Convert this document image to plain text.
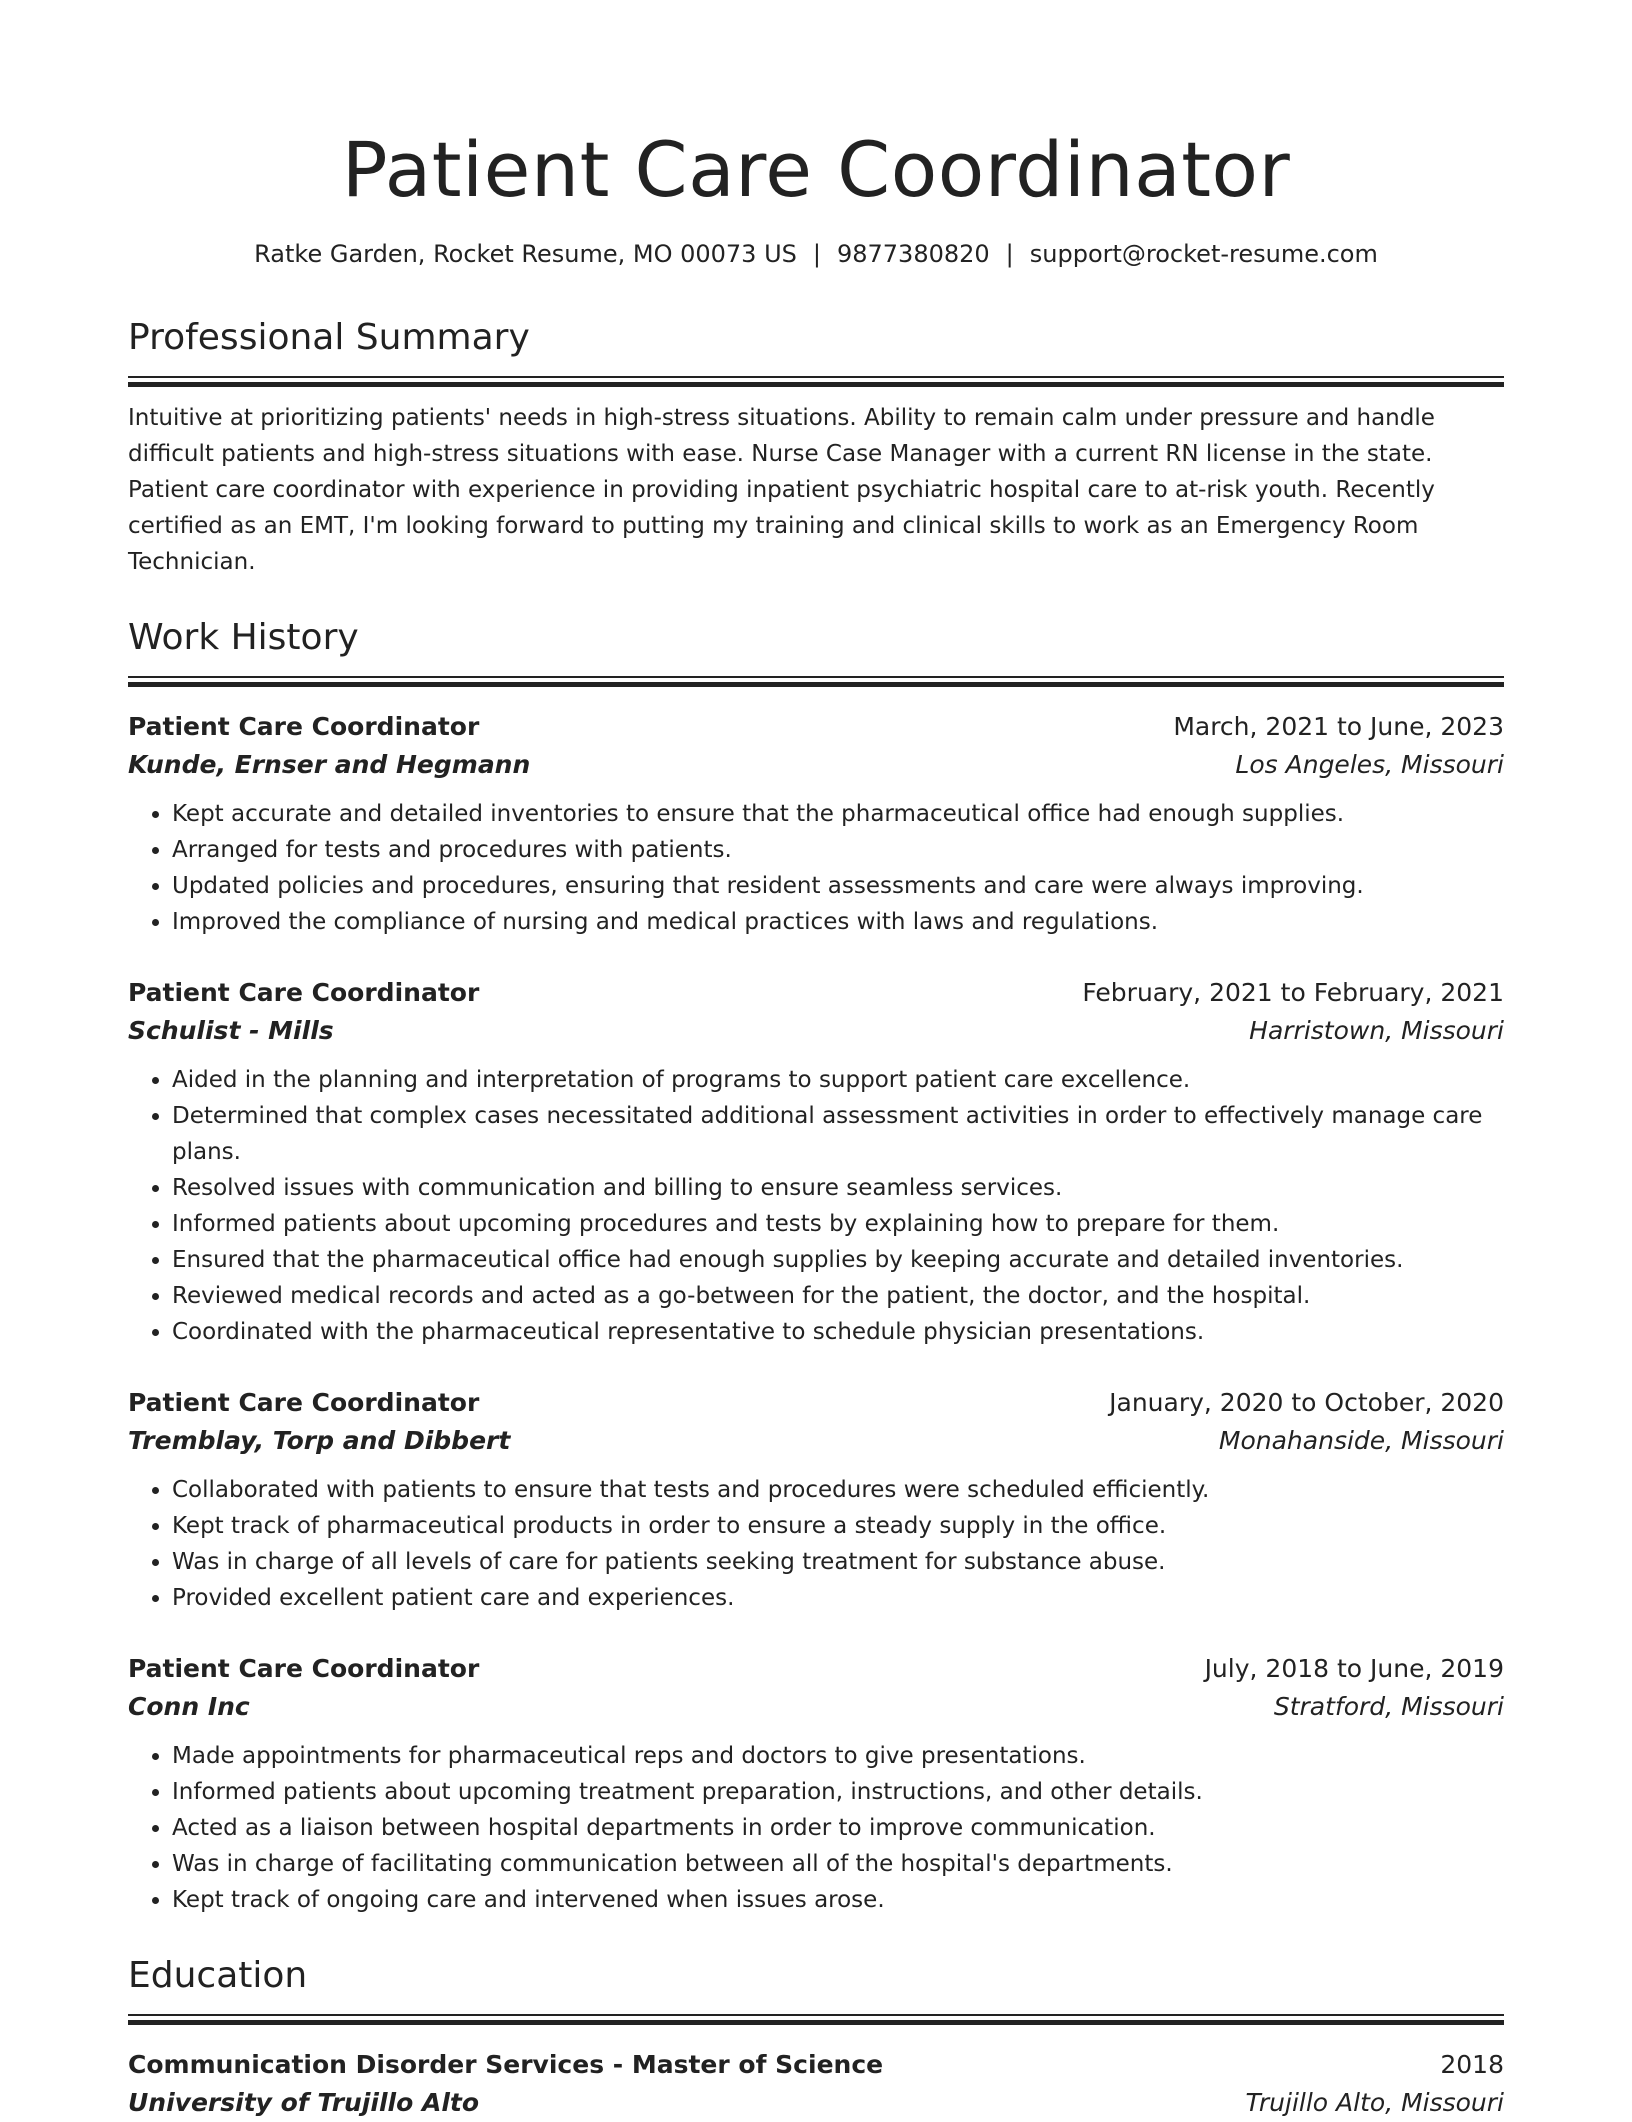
Patient Care Coordinator
Ratke Garden, Rocket Resume, MO 00073 US | 9877380820 | support@rocket-resume.com
Professional Summary

Intuitive at prioritizing patients' needs in high-stress situations. Ability to remain calm under pressure and handle difficult patients and high-stress situations with ease. Nurse Case Manager with a current RN license in the state. Patient care coordinator with experience in providing inpatient psychiatric hospital care to at-risk youth. Recently certified as an EMT, I'm looking forward to putting my training and clinical skills to work as an Emergency Room Technician.

Work History
Patient Care Coordinator	March, 2021 to June, 2023
Kunde, Ernser and Hegmann	Los Angeles, Missouri
• Kept accurate and detailed inventories to ensure that the pharmaceutical office had enough supplies.
• Arranged for tests and procedures with patients.
• Updated policies and procedures, ensuring that resident assessments and care were always improving.
• Improved the compliance of nursing and medical practices with laws and regulations.
Patient Care Coordinator	February, 2021 to February, 2021
Schulist - Mills	Harristown, Missouri
• Aided in the planning and interpretation of programs to support patient care excellence.
• Determined that complex cases necessitated additional assessment activities in order to effectively manage care plans.
• Resolved issues with communication and billing to ensure seamless services.
• Informed patients about upcoming procedures and tests by explaining how to prepare for them.
• Ensured that the pharmaceutical office had enough supplies by keeping accurate and detailed inventories.
• Reviewed medical records and acted as a go-between for the patient, the doctor, and the hospital.
• Coordinated with the pharmaceutical representative to schedule physician presentations.
Patient Care Coordinator	January, 2020 to October, 2020
Tremblay, Torp and Dibbert	Monahanside, Missouri
• Collaborated with patients to ensure that tests and procedures were scheduled efficiently.
• Kept track of pharmaceutical products in order to ensure a steady supply in the office.
• Was in charge of all levels of care for patients seeking treatment for substance abuse.
• Provided excellent patient care and experiences.
Patient Care Coordinator	July, 2018 to June, 2019
Conn Inc	Stratford, Missouri
• Made appointments for pharmaceutical reps and doctors to give presentations.
• Informed patients about upcoming treatment preparation, instructions, and other details.
• Acted as a liaison between hospital departments in order to improve communication.
• Was in charge of facilitating communication between all of the hospital's departments.
• Kept track of ongoing care and intervened when issues arose.
Education
Communication Disorder Services - Master of Science	2018
University of Trujillo Alto	Trujillo Alto, Missouri
